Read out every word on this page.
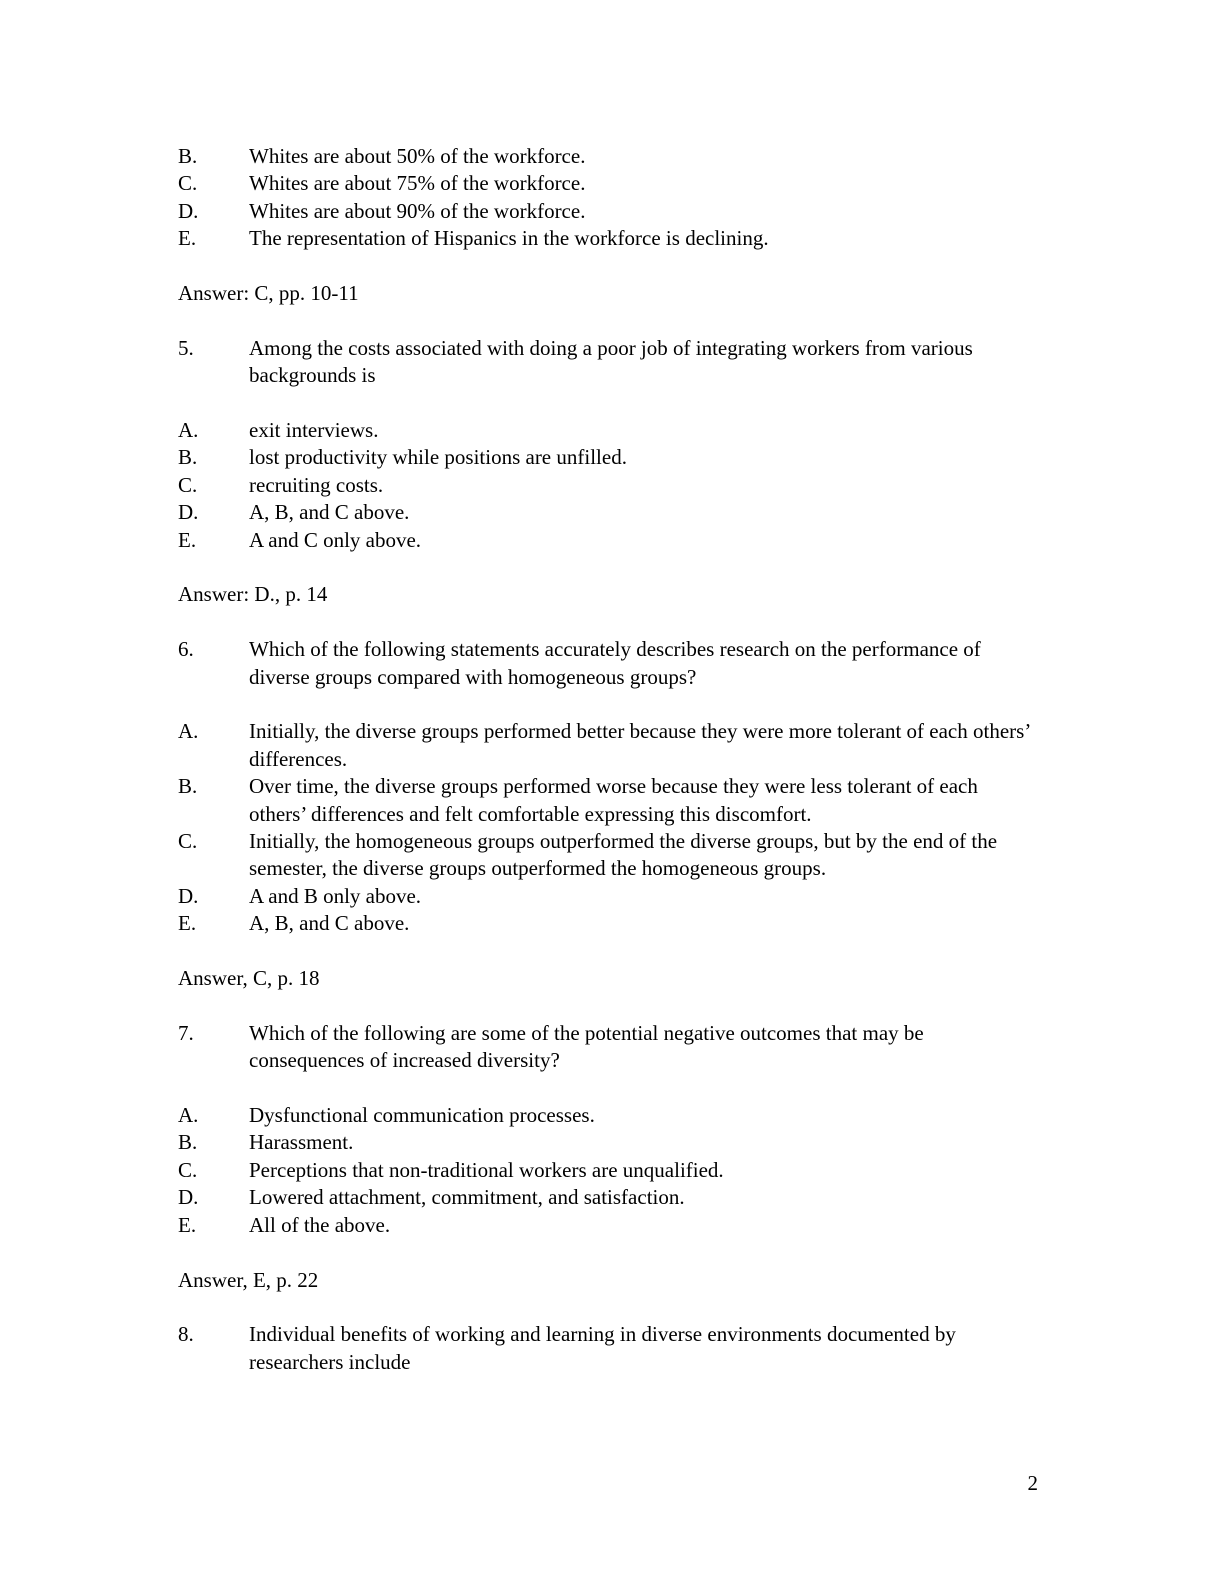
B.	Whites are about 50% of the workforce.
C.	Whites are about 75% of the workforce.
D.	Whites are about 90% of the workforce.
E.	The representation of Hispanics in the workforce is declining.
Answer: C, pp. 10-11
5.	Among the costs associated with doing a poor job of integrating workers from various backgrounds is
A.	exit interviews.
B.	lost productivity while positions are unfilled.
C.	recruiting costs.
D.	A, B, and C above.
E.	A and C only above.
Answer: D., p. 14
6.	Which of the following statements accurately describes research on the performance of diverse groups compared with homogeneous groups?
A.	Initially, the diverse groups performed better because they were more tolerant of each others’ differences.
B.	Over time, the diverse groups performed worse because they were less tolerant of each others’ differences and felt comfortable expressing this discomfort.
C.	Initially, the homogeneous groups outperformed the diverse groups, but by the end of the semester, the diverse groups outperformed the homogeneous groups.
D.	A and B only above.
E.	A, B, and C above.
Answer, C, p. 18
7.	Which of the following are some of the potential negative outcomes that may be consequences of increased diversity?
A.	Dysfunctional communication processes.
B.	Harassment.
C.	Perceptions that non-traditional workers are unqualified.
D.	Lowered attachment, commitment, and satisfaction.
E.	All of the above.
Answer, E, p. 22
8.	Individual benefits of working and learning in diverse environments documented by researchers include
2
